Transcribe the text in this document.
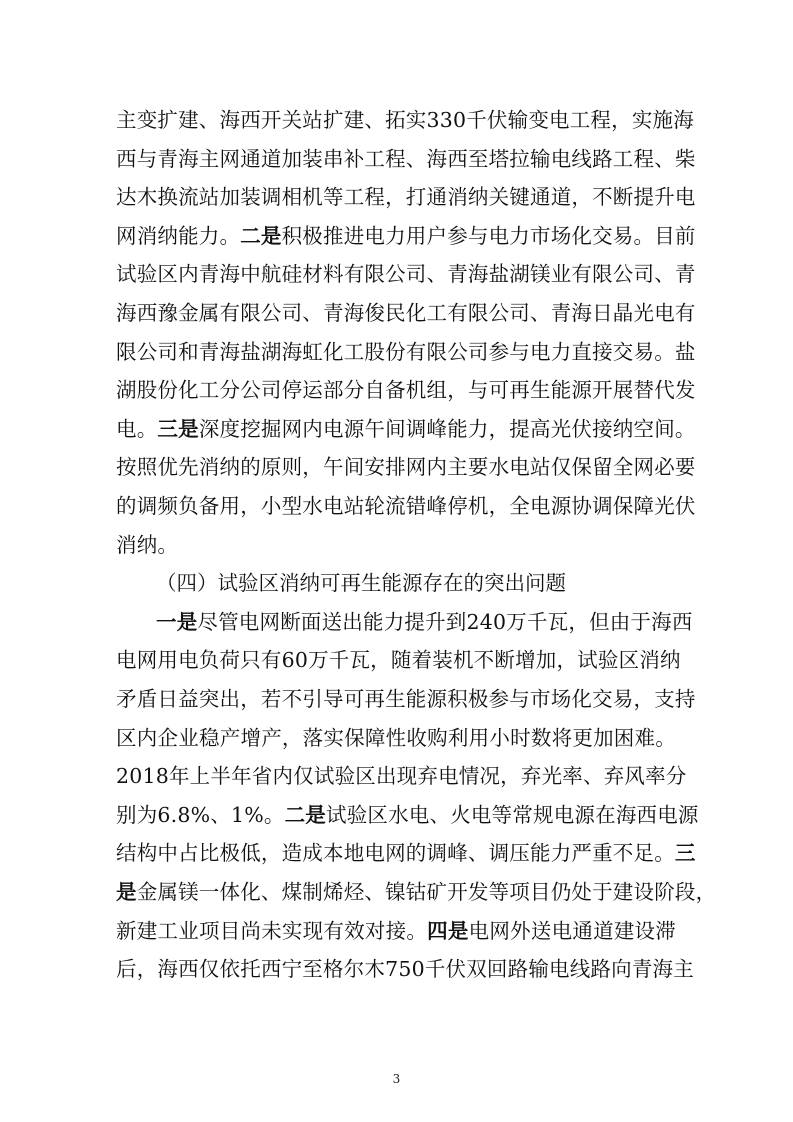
主变扩建、海西开关站扩建、拓实330千伏输变电工程，实施海
西与青海主网通道加装串补工程、海西至塔拉输电线路工程、柴
达木换流站加装调相机等工程，打通消纳关键通道，不断提升电
网消纳能力。二是积极推进电力用户参与电力市场化交易。目前
试验区内青海中航硅材料有限公司、青海盐湖镁业有限公司、青
海西豫金属有限公司、青海俊民化工有限公司、青海日晶光电有
限公司和青海盐湖海虹化工股份有限公司参与电力直接交易。盐
湖股份化工分公司停运部分自备机组，与可再生能源开展替代发
电。三是深度挖掘网内电源午间调峰能力，提高光伏接纳空间。
按照优先消纳的原则，午间安排网内主要水电站仅保留全网必要
的调频负备用，小型水电站轮流错峰停机，全电源协调保障光伏
消纳。
（四）试验区消纳可再生能源存在的突出问题
一是尽管电网断面送出能力提升到240万千瓦，但由于海西
电网用电负荷只有60万千瓦，随着装机不断增加，试验区消纳
矛盾日益突出，若不引导可再生能源积极参与市场化交易，支持
区内企业稳产增产，落实保障性收购利用小时数将更加困难。
2018年上半年省内仅试验区出现弃电情况，弃光率、弃风率分
别为6.8%、1%。二是试验区水电、火电等常规电源在海西电源
结构中占比极低，造成本地电网的调峰、调压能力严重不足。三
是金属镁一体化、煤制烯烃、镍钴矿开发等项目仍处于建设阶段，
3
新建工业项目尚未实现有效对接。四是电网外送电通道建设滞
后，海西仅依托西宁至格尔木750千伏双回路输电线路向青海主
